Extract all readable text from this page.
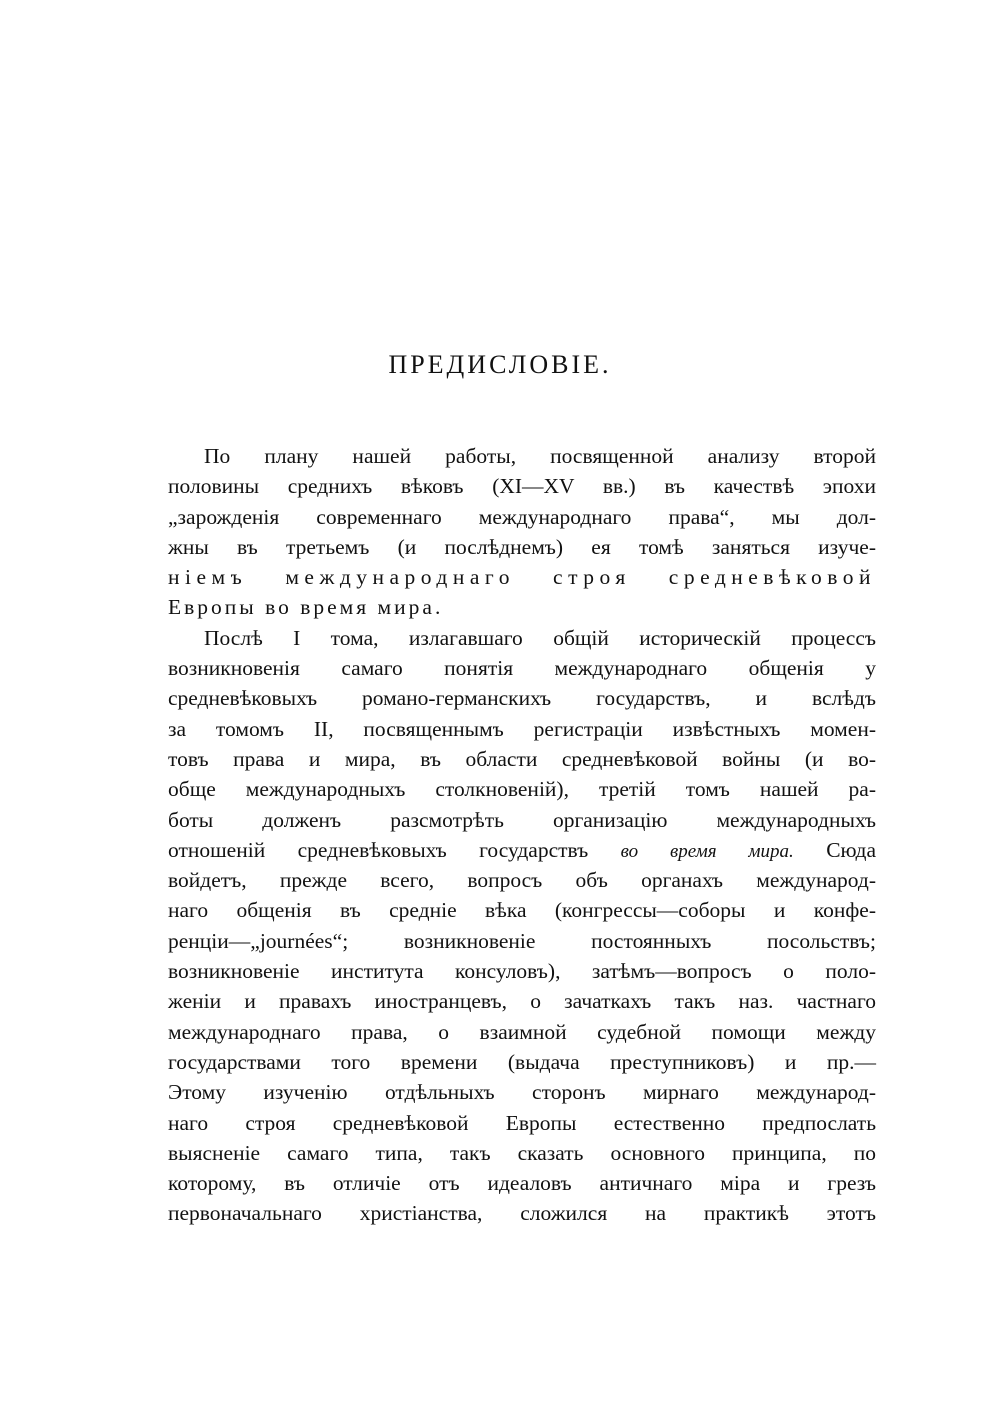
ПРЕДИСЛОВІЕ.
По плану нашей работы, посвященной анализу второй
половины среднихъ вѣковъ (XI—XV вв.) въ качествѣ эпохи
„зарожденія современнаго международнаго права“, мы дол-
жны въ третьемъ (и послѣднемъ) ея томѣ заняться изуче-
ніемъ международнаго строя средневѣковой
Европы во время мира.
Послѣ I тома, излагавшаго общій историческій процессъ
возникновенія самаго понятія международнаго общенія у
средневѣковыхъ романо-германскихъ государствъ, и вслѣдъ
за томомъ II, посвященнымъ регистраціи извѣстныхъ момен-
товъ права и мира, въ области средневѣковой войны (и во-
обще международныхъ столкновеній), третій томъ нашей ра-
боты долженъ разсмотрѣть организацію международныхъ
отношеній средневѣковыхъ государствъ во время мира. Сюда
войдетъ, прежде всего, вопросъ объ органахъ международ-
наго общенія въ средніе вѣка (конгрессы—соборы и конфе-
ренціи—„journées“; возникновеніе постоянныхъ посольствъ;
возникновеніе института консуловъ), затѣмъ—вопросъ о поло-
женіи и правахъ иностранцевъ, о зачаткахъ такъ наз. частнаго
международнаго права, о взаимной судебной помощи между
государствами того времени (выдача преступниковъ) и пр.—
Этому изученію отдѣльныхъ сторонъ мирнаго международ-
наго строя средневѣковой Европы естественно предпослать
выясненіе самаго типа, такъ сказать основного принципа, по
которому, въ отличіе отъ идеаловъ античнаго міра и грезъ
первоначальнаго христіанства, сложился на практикѣ этотъ
